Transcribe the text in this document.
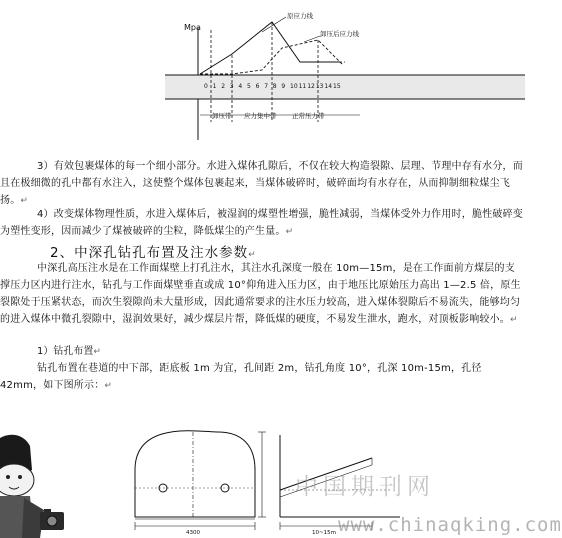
Mpa
原应力线
卸压后应力线
0 1 2 3 4 5 6 7 8 9 10 11 12 13 14 15
卸压带 应力集中带 正常压力带

3）有效包裹煤体的每一个细小部分。水进入煤体孔隙后，不仅在较大构造裂隙、层理、节理中存有水分，而且在极细微的孔中都有水注入，这使整个煤体包裹起来，当煤体破碎时，破碎面均有水存在，从而抑制细粒煤尘飞扬。↵

4）改变煤体物理性质，水进入煤体后，被湿润的煤塑性增强，脆性减弱，当煤体受外力作用时，脆性破碎变为塑性变形，因而减少了煤被破碎的尘粒，降低煤尘的产生量。↵

2、中深孔钻孔布置及注水参数↵

中深孔高压注水是在工作面煤壁上打孔注水，其注水孔深度一般在 10m—15m，是在工作面前方煤层的支撑压力区内进行注水，钻孔与工作面煤壁垂直或成 10°仰角进入压力区，由于地压比原始压力高出 1—2.5 倍，原生裂隙处于压紧状态，而次生裂隙尚未大量形成，因此通常要求的注水压力较高，进入煤体裂隙后不易流失，能够均匀的进入煤体中微孔裂隙中，湿润效果好，减少煤层片帮，降低煤的硬度，不易发生泄水，跑水，对顶板影响较小。↵

1）钻孔布置↵

钻孔布置在巷道的中下部，距底板 1m 为宜，孔间距 2m，钻孔角度 10°，孔深 10m-15m，孔径 42mm，如下图所示：↵

4300	10~15m
中国期刊网
www.chinaqking.com
